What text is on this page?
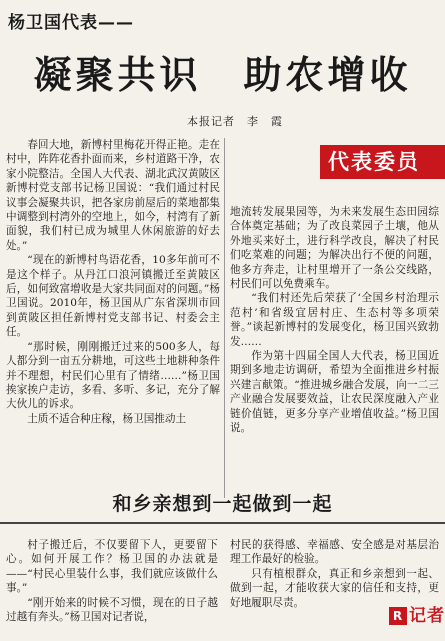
杨卫国代表——
凝聚共识　助农增收
本报记者　李　霞
代表委员

春回大地，新博村里梅花开得正艳。走在村中，阵阵花香扑面而来，乡村道路干净，农家小院整洁。全国人大代表、湖北武汉黄陂区新博村党支部书记杨卫国说：“我们通过村民议事会凝聚共识，把各家房前屋后的菜地都集中调整到村湾外的空地上，如今，村湾有了新面貌，我们村已成为城里人休闲旅游的好去处。”

“现在的新博村鸟语花香，10多年前可不是这个样子。从丹江口浪河镇搬迁至黄陂区后，如何致富增收是大家共同面对的问题。”杨卫国说。2010年，杨卫国从广东省深圳市回到黄陂区担任新博村党支部书记、村委会主任。

“那时候，刚刚搬迁过来的500多人，每人都分到一亩五分耕地，可这些土地耕种条件并不理想，村民们心里有了情绪……”杨卫国挨家挨户走访，多看、多听、多记，充分了解大伙儿的诉求。

土质不适合种庄稼，杨卫国推动土

地流转发展果园等，为未来发展生态田园综合体奠定基础；为了改良菜园子土壤，他从外地买来好土，进行科学改良，解决了村民们吃菜难的问题；为解决出行不便的问题，他多方奔走，让村里增开了一条公交线路，村民们可以免费乘车。

“我们村还先后荣获了‘全国乡村治理示范村’和省级宜居村庄、生态村等多项荣誉。”谈起新博村的发展变化，杨卫国兴致勃发……

作为第十四届全国人大代表，杨卫国近期到多地走访调研，希望为全面推进乡村振兴建言献策。“推进城乡融合发展，向一二三产业融合发展要效益，让农民深度融入产业链价值链，更多分享产业增值收益。”杨卫国说。

和乡亲想到一起做到一起

村子搬迁后，不仅要留下人，更要留下心。如何开展工作？杨卫国的办法就是——“村民心里装什么事，我们就应该做什么事。”

“刚开始来的时候不习惯，现在的日子越过越有奔头。”杨卫国对记者说，

村民的获得感、幸福感、安全感是对基层治理工作最好的检验。

只有植根群众，真正和乡亲想到一起、做到一起，才能收获大家的信任和支持，更好地履职尽责。

R 记者
